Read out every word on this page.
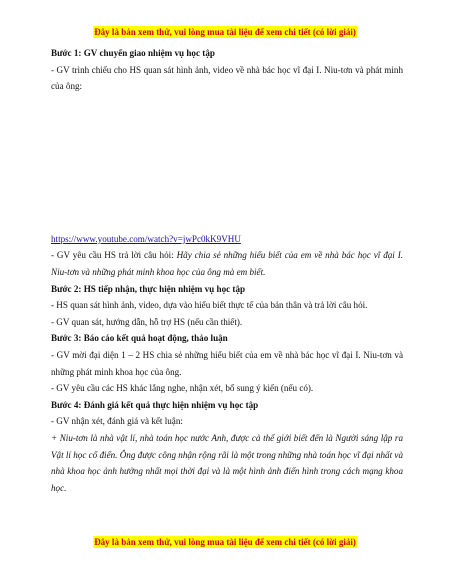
Đây là bản xem thử, vui lòng mua tài liệu để xem chi tiết (có lời giải)

Bước 1: GV chuyển giao nhiệm vụ học tập

- GV trình chiếu cho HS quan sát hình ảnh, video về nhà bác học vĩ đại I. Niu-tơn và phát minh của ông:

https://www.youtube.com/watch?v=jwPc0kK9VHU

- GV yêu cầu HS trả lời câu hỏi: Hãy chia sẻ những hiểu biết của em về nhà bác học vĩ đại I. Niu-tơn và những phát minh khoa học của ông mà em biết.

Bước 2: HS tiếp nhận, thực hiện nhiệm vụ học tập

- HS quan sát hình ảnh, video, dựa vào hiểu biết thực tế của bản thân và trả lời câu hỏi.

- GV quan sát, hướng dẫn, hỗ trợ HS (nếu cần thiết).

Bước 3: Báo cáo kết quả hoạt động, thảo luận

- GV mời đại diện 1 – 2 HS chia sẻ những hiểu biết của em về nhà bác học vĩ đại I. Niu-tơn và những phát minh khoa học của ông.

- GV yêu cầu các HS khác lắng nghe, nhận xét, bổ sung ý kiến (nếu có).

Bước 4: Đánh giá kết quả thực hiện nhiệm vụ học tập

- GV nhận xét, đánh giá và kết luận:

+ Niu-tơn là nhà vật lí, nhà toán học nước Anh, được cả thế giới biết đến là Người sáng lập ra Vật lí học cổ điển. Ông được công nhận rộng rãi là một trong những nhà toán học vĩ đại nhất và nhà khoa học ảnh hưởng nhất mọi thời đại và là một hình ảnh điển hình trong cách mạng khoa học.

Đây là bản xem thử, vui lòng mua tài liệu để xem chi tiết (có lời giải)
